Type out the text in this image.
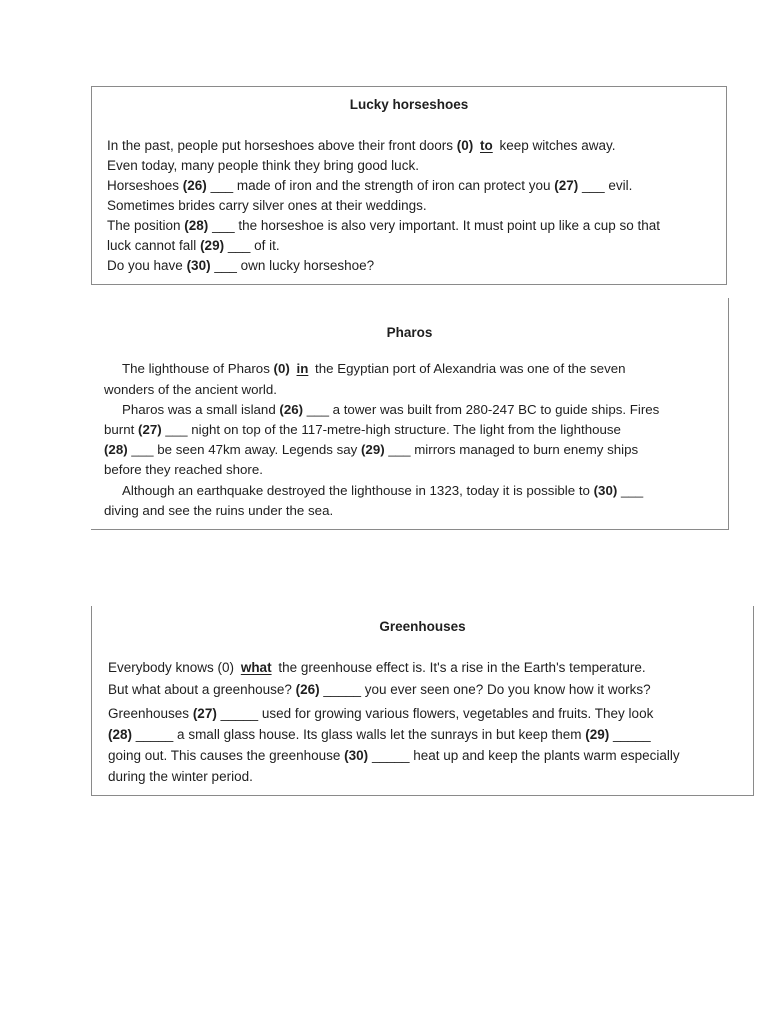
Lucky horseshoes
In the past, people put horseshoes above their front doors (0) to keep witches away.
Even today, many people think they bring good luck.
Horseshoes (26) ___ made of iron and the strength of iron can protect you (27) ___ evil.
Sometimes brides carry silver ones at their weddings.
The position (28) ___ the horseshoe is also very important. It must point up like a cup so that
luck cannot fall (29) ___ of it.
Do you have (30) ___ own lucky horseshoe?
Pharos
The lighthouse of Pharos (0) in the Egyptian port of Alexandria was one of the seven
wonders of the ancient world.
Pharos was a small island (26) ___ a tower was built from 280-247 BC to guide ships. Fires
burnt (27) ___ night on top of the 117-metre-high structure. The light from the lighthouse
(28) ___ be seen 47km away. Legends say (29) ___ mirrors managed to burn enemy ships
before they reached shore.
Although an earthquake destroyed the lighthouse in 1323, today it is possible to (30) ___
diving and see the ruins under the sea.
Greenhouses
Everybody knows (0) what the greenhouse effect is. It's a rise in the Earth's temperature.
But what about a greenhouse? (26) _____ you ever seen one? Do you know how it works?
Greenhouses (27) _____ used for growing various flowers, vegetables and fruits. They look
(28) _____ a small glass house. Its glass walls let the sunrays in but keep them (29) _____
going out. This causes the greenhouse (30) _____ heat up and keep the plants warm especially
during the winter period.
